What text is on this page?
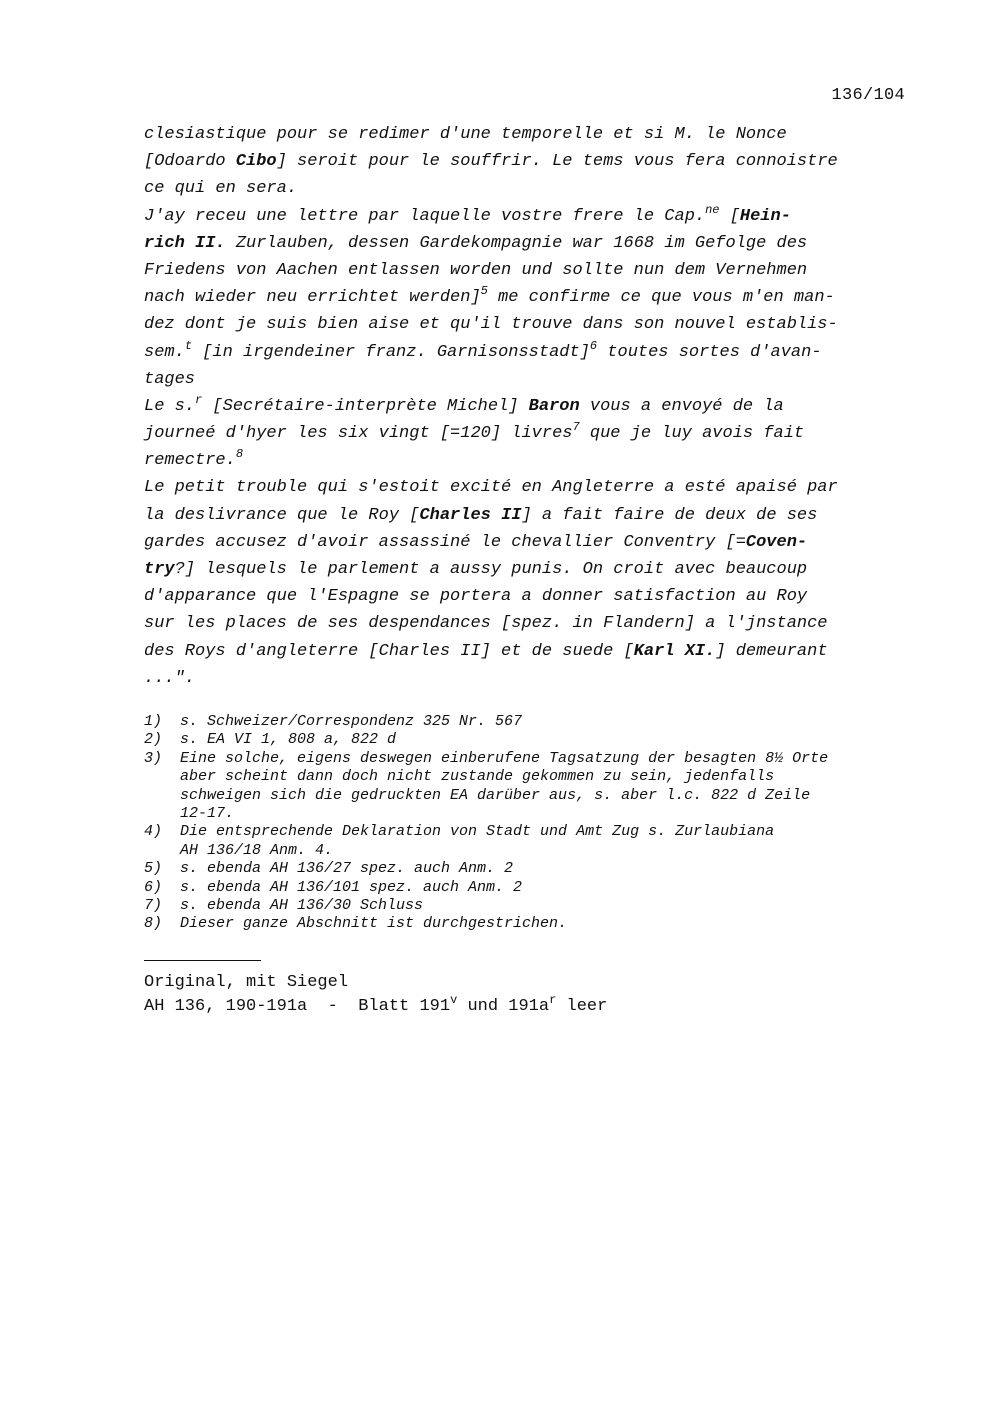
136/104
clesiastique pour se redimer d'une temporelle et si M. le Nonce
[Odoardo Cibo] seroit pour le souffrir. Le tems vous fera connoistre
ce qui en sera.
J'ay receu une lettre par laquelle vostre frere le Cap.$^{ne}$ [Hein-
rich II. Zurlauben, dessen Gardekompagnie war 1668 im Gefolge des
Friedens von Aachen entlassen worden und sollte nun dem Vernehmen
nach wieder neu errichtet werden]$^5$ me confirme ce que vous m'en man-
dez dont je suis bien aise et qu'il trouve dans son nouvel establis-
sem.$^t$ [in irgendeiner franz. Garnisonsstadt]$^6$ toutes sortes d'avan-
tages
Le s.$^r$ [Secrétaire-interprète Michel] Baron vous a envoyé de la
journeé d'hyer les six vingt [=120] livres$^7$ que je luy avois fait
remectre.$^8$
Le petit trouble qui s'estoit excité en Angleterre a esté apaisé par
la deslivrance que le Roy [Charles II] a fait faire de deux de ses
gardes accusez d'avoir assassiné le chevallier Conventry [=Coven-
try?] lesquels le parlement a aussy punis. On croit avec beaucoup
d'apparance que l'Espagne se portera a donner satisfaction au Roy
sur les places de ses despendances [spez. in Flandern] a l'jnstance
des Roys d'angleterre [Charles II] et de suede [Karl XI.] demeurant
...".
1)	s. Schweizer/Correspondenz 325 Nr. 567
2)	s. EA VI 1, 808 a, 822 d
3)	Eine solche, eigens deswegen einberufene Tagsatzung der besagten 8½ Orte
aber scheint dann doch nicht zustande gekommen zu sein, jedenfalls
schweigen sich die gedruckten EA darüber aus, s. aber l.c. 822 d Zeile
12-17.
4)	Die entsprechende Deklaration von Stadt und Amt Zug s. Zurlaubiana
AH 136/18 Anm. 4.
5)	s. ebenda AH 136/27 spez. auch Anm. 2
6)	s. ebenda AH 136/101 spez. auch Anm. 2
7)	s. ebenda AH 136/30 Schluss
8)	Dieser ganze Abschnitt ist durchgestrichen.
Original, mit Siegel
AH 136, 190-191a  -  Blatt 191$^v$ und $191a^r$ leer
